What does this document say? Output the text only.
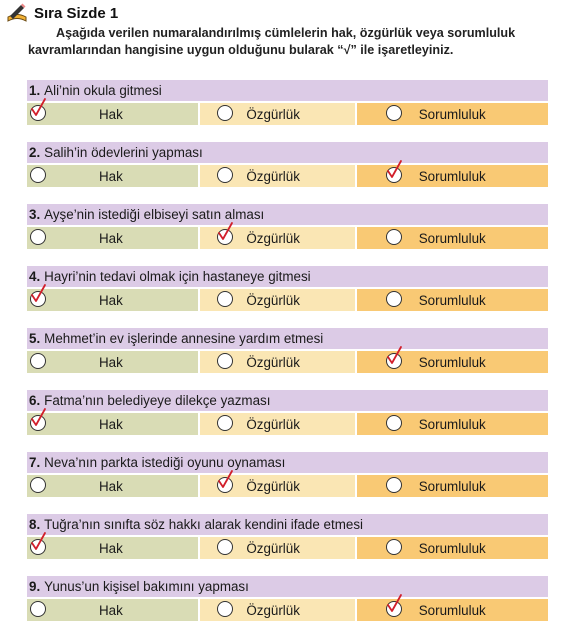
Sıra Sizde 1
Aşağıda verilen numaralandırılmış cümlelerin hak, özgürlük veya sorumluluk kavramlarından hangisine uygun olduğunu bularak “√” ile işaretleyiniz.
1. Ali’nin okula gitmesi
Hak	Özgürlük	Sorumluluk
2. Salih’in ödevlerini yapması
Hak	Özgürlük	Sorumluluk
3. Ayşe’nin istediği elbiseyi satın alması
Hak	Özgürlük	Sorumluluk
4. Hayri’nin tedavi olmak için hastaneye gitmesi
Hak	Özgürlük	Sorumluluk
5. Mehmet’in ev işlerinde annesine yardım etmesi
Hak	Özgürlük	Sorumluluk
6. Fatma’nın belediyeye dilekçe yazması
Hak	Özgürlük	Sorumluluk
7. Neva’nın parkta istediği oyunu oynaması
Hak	Özgürlük	Sorumluluk
8. Tuğra’nın sınıfta söz hakkı alarak kendini ifade etmesi
Hak	Özgürlük	Sorumluluk
9. Yunus’un kişisel bakımını yapması
Hak	Özgürlük	Sorumluluk
